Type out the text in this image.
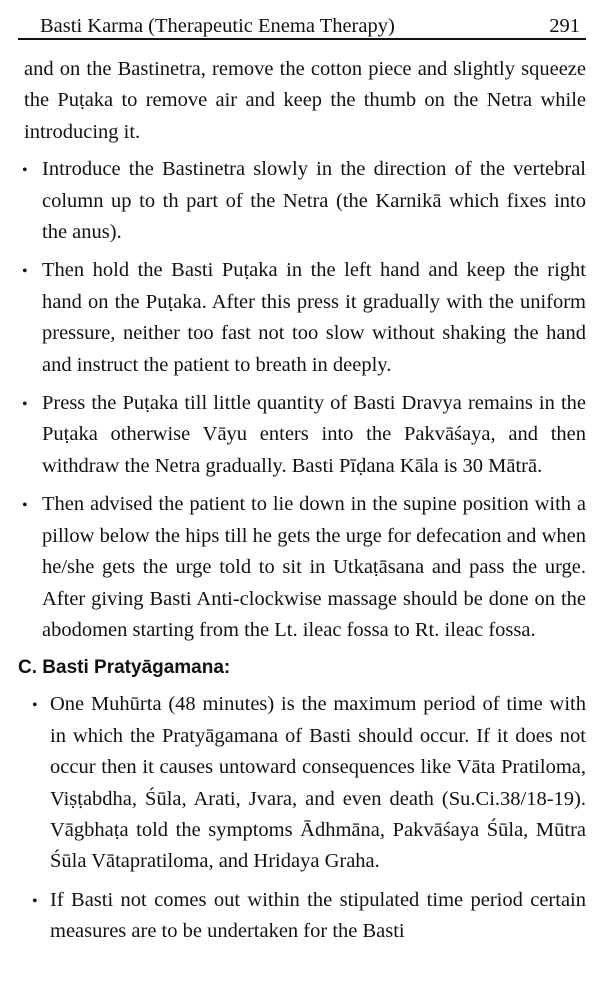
Basti Karma (Therapeutic Enema Therapy)	291

and on the Bastinetra, remove the cotton piece and slightly squeeze the Puṭaka to remove air and keep the thumb on the Netra while introducing it.

• Introduce the Bastinetra slowly in the direction of the vertebral column up to th part of the Netra (the Karnikā which fixes into the anus).
• Then hold the Basti Puṭaka in the left hand and keep the right hand on the Puṭaka. After this press it gradually with the uniform pressure, neither too fast not too slow without shaking the hand and instruct the patient to breath in deeply.
• Press the Puṭaka till little quantity of Basti Dravya remains in the Puṭaka otherwise Vāyu enters into the Pakvāśaya, and then withdraw the Netra gradually. Basti Pīḍana Kāla is 30 Mātrā.
• Then advised the patient to lie down in the supine position with a pillow below the hips till he gets the urge for defecation and when he/she gets the urge told to sit in Utkaṭāsana and pass the urge. After giving Basti Anti-clockwise massage should be done on the abodomen starting from the Lt. ileac fossa to Rt. ileac fossa.
C. Basti Pratyāgamana:
• One Muhūrta (48 minutes) is the maximum period of time with in which the Pratyāgamana of Basti should occur. If it does not occur then it causes untoward consequences like Vāta Pratiloma, Viṣṭabdha, Śūla, Arati, Jvara, and even death (Su.Ci.38/18-19). Vāgbhaṭa told the symptoms Ādhmāna, Pakvāśaya Śūla, Mūtra Śūla Vātapratiloma, and Hridaya Graha.
• If Basti not comes out within the stipulated time period certain measures are to be undertaken for the Basti
